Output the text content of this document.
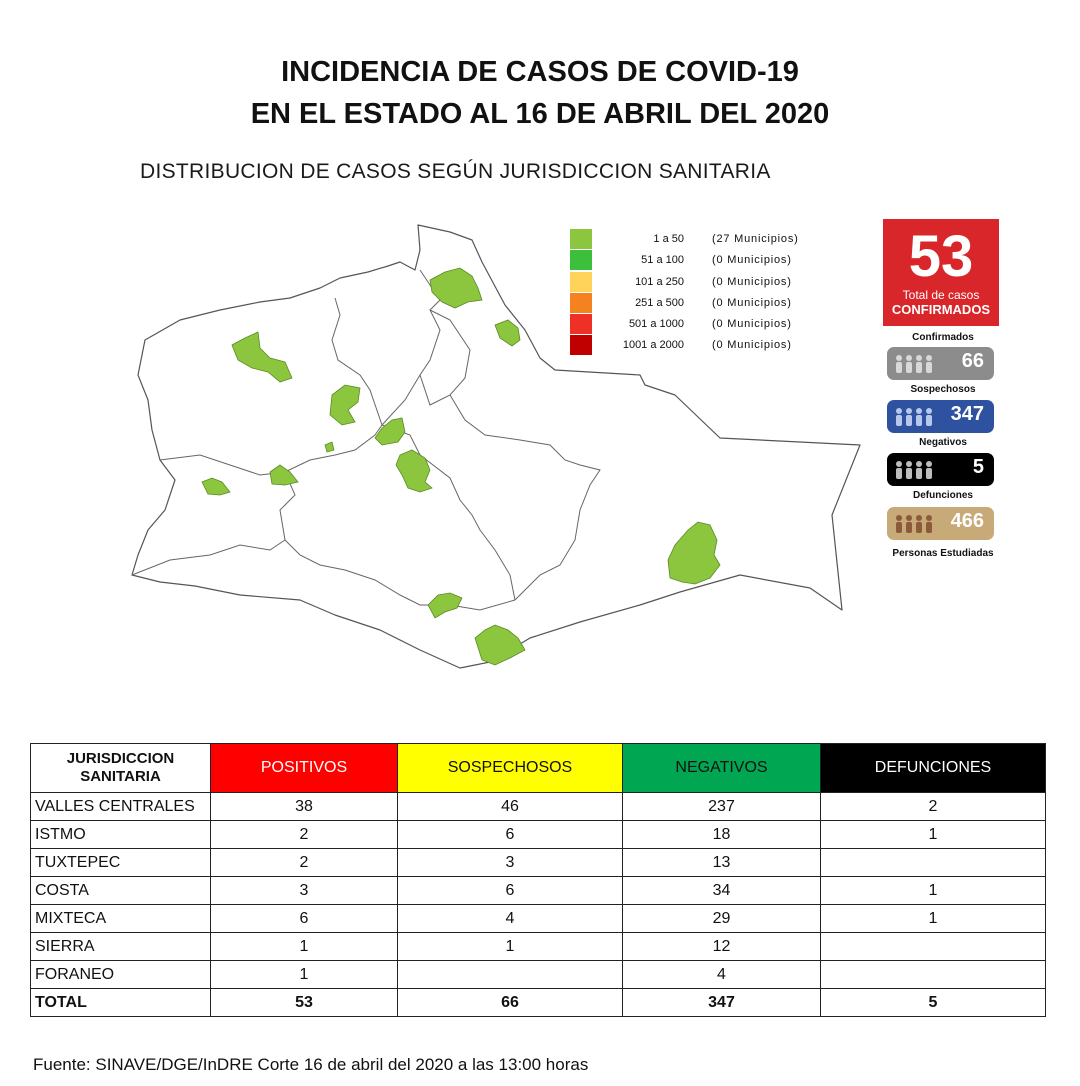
INCIDENCIA DE CASOS DE COVID-19
EN EL ESTADO AL 16 DE ABRIL DEL 2020
DISTRIBUCION DE CASOS SEGÚN JURISDICCION SANITARIA
1 a 50	(27 Municipios)
51 a 100	(0 Municipios)
101 a 250	(0 Municipios)
251 a 500	(0 Municipios)
501 a 1000	(0 Municipios)
1001 a 2000	(0 Municipios)
53
Total de casos
CONFIRMADOS
Confirmados
66
Sospechosos
347
Negativos
5
Defunciones
466
Personas Estudiadas
JURISDICCION SANITARIA	POSITIVOS	SOSPECHOSOS	NEGATIVOS	DEFUNCIONES
VALLES CENTRALES	38	46	237	2
ISTMO	2	6	18	1
TUXTEPEC	2	3	13	
COSTA	3	6	34	1
MIXTECA	6	4	29	1
SIERRA	1	1	12	
FORANEO	1		4	
TOTAL	53	66	347	5
Fuente: SINAVE/DGE/InDRE Corte 16 de abril del 2020 a las 13:00 horas
